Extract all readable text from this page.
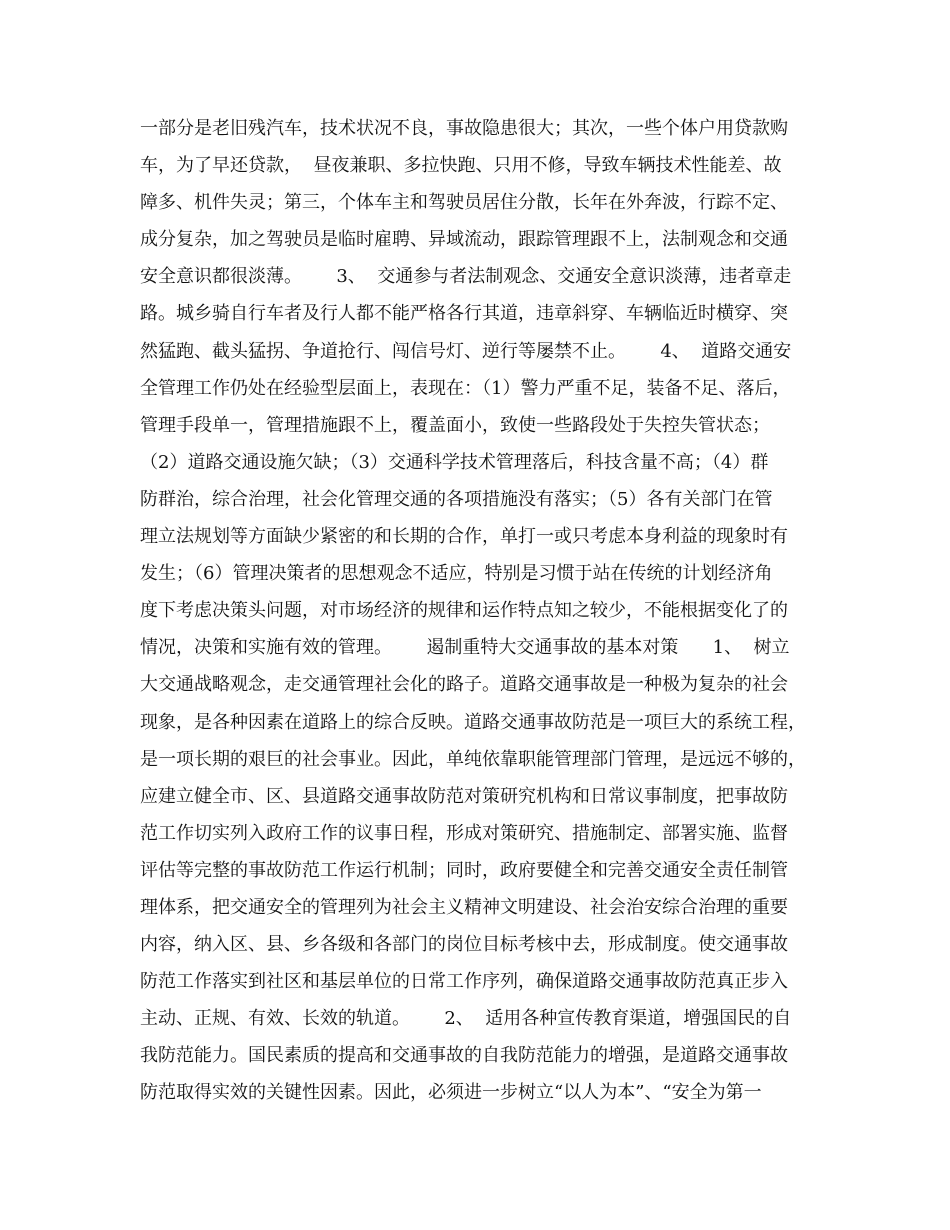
一部分是老旧残汽车，技术状况不良，事故隐患很大；其次，一些个体户用贷款购
车，为了早还贷款，  昼夜兼职、多拉快跑、只用不修，导致车辆技术性能差、故
障多、机件失灵；第三，个体车主和驾驶员居住分散，长年在外奔波，行踪不定、
成分复杂，加之驾驶员是临时雇聘、异域流动，跟踪管理跟不上，法制观念和交通
安全意识都很淡薄。      3、  交通参与者法制观念、交通安全意识淡薄，违者章走
路。城乡骑自行车者及行人都不能严格各行其道，违章斜穿、车辆临近时横穿、突
然猛跑、截头猛拐、争道抢行、闯信号灯、逆行等屡禁不止。      4、  道路交通安
全管理工作仍处在经验型层面上，表现在：（1）警力严重不足，装备不足、落后，
管理手段单一，管理措施跟不上，覆盖面小，致使一些路段处于失控失管状态；
（2）道路交通设施欠缺；（3）交通科学技术管理落后，科技含量不高；（4）群
防群治，综合治理，社会化管理交通的各项措施没有落实；（5）各有关部门在管
理立法规划等方面缺少紧密的和长期的合作，单打一或只考虑本身利益的现象时有
发生；（6）管理决策者的思想观念不适应，特别是习惯于站在传统的计划经济角
度下考虑决策头问题，对市场经济的规律和运作特点知之较少，不能根据变化了的
情况，决策和实施有效的管理。      遏制重特大交通事故的基本对策      1、  树立
大交通战略观念，走交通管理社会化的路子。道路交通事故是一种极为复杂的社会
现象，是各种因素在道路上的综合反映。道路交通事故防范是一项巨大的系统工程，
是一项长期的艰巨的社会事业。因此，单纯依靠职能管理部门管理，是远远不够的，
应建立健全市、区、县道路交通事故防范对策研究机构和日常议事制度，把事故防
范工作切实列入政府工作的议事日程，形成对策研究、措施制定、部署实施、监督
评估等完整的事故防范工作运行机制；同时，政府要健全和完善交通安全责任制管
理体系，把交通安全的管理列为社会主义精神文明建设、社会治安综合治理的重要
内容，纳入区、县、乡各级和各部门的岗位目标考核中去，形成制度。使交通事故
防范工作落实到社区和基层单位的日常工作序列，确保道路交通事故防范真正步入
主动、正规、有效、长效的轨道。      2、  适用各种宣传教育渠道，增强国民的自
我防范能力。国民素质的提高和交通事故的自我防范能力的增强，是道路交通事故
防范取得实效的关键性因素。因此，必须进一步树立“以人为本”、“安全为第一
